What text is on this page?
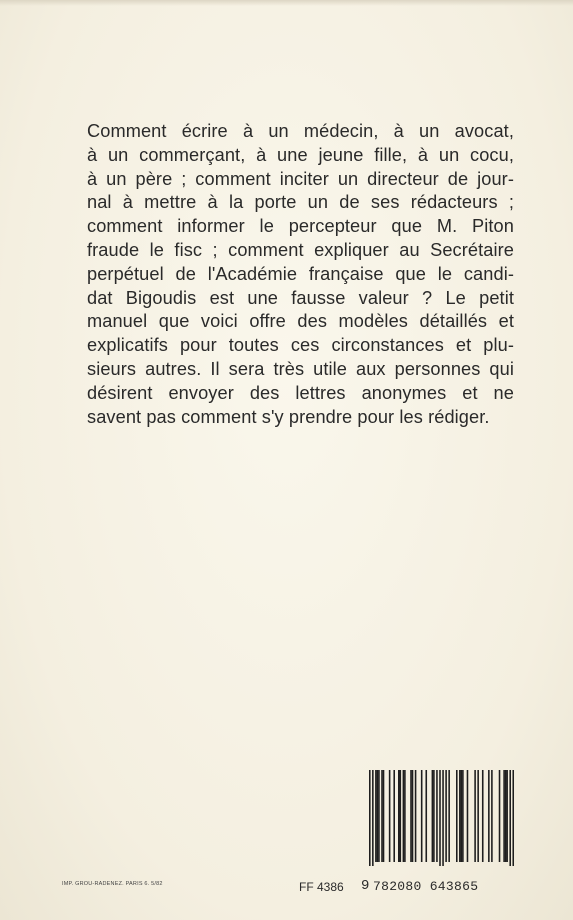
Comment écrire à un médecin, à un avocat,
à un commerçant, à une jeune fille, à un cocu,
à un père ; comment inciter un directeur de jour-
nal à mettre à la porte un de ses rédacteurs ;
comment informer le percepteur que M. Piton
fraude le fisc ; comment expliquer au Secrétaire
perpétuel de l'Académie française que le candi-
dat Bigoudis est une fausse valeur ? Le petit
manuel que voici offre des modèles détaillés et
explicatifs pour toutes ces circonstances et plu-
sieurs autres. Il sera très utile aux personnes qui
désirent envoyer des lettres anonymes et ne
savent pas comment s'y prendre pour les rédiger.
IMP. GROU-RADENEZ. PARIS 6. 5/82	FF 4386 9 782080 643865
